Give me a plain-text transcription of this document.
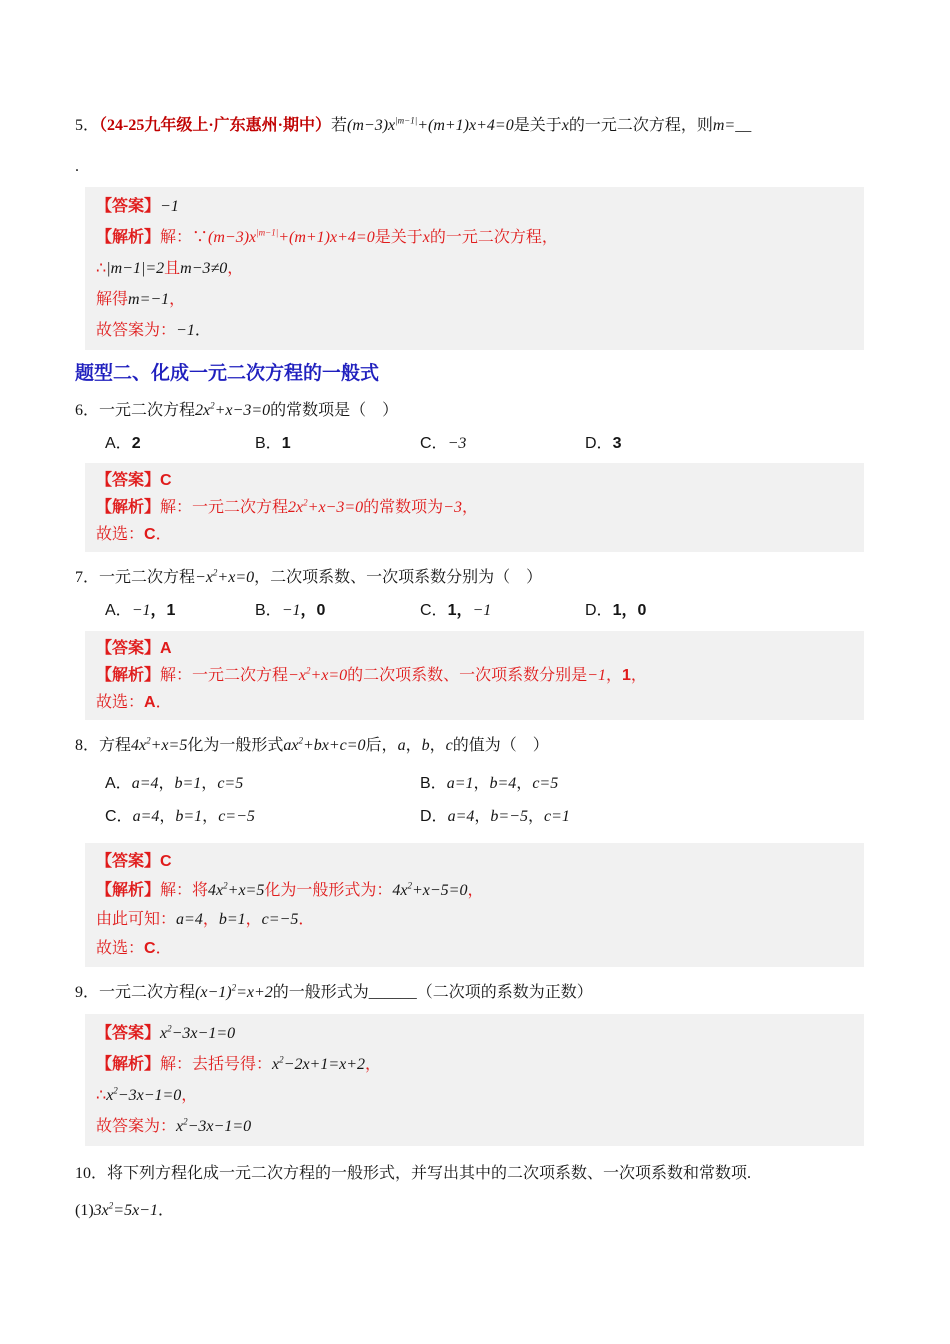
5．（24-25九年级上·广东惠州·期中）若$(m-3)x^{|m-1|}+(m+1)x+4=0$是关于x的一元二次方程，则m=__

.

【答案】−1

【解析】解：$\because(m-3)x^{|m-1|}+(m+1)x+4=0$是关于x的一元二次方程，

∴|m−1|=2且m−3≠0，

解得m=−1，

故答案为：−1．

题型二、化成一元二次方程的一般式

6．一元二次方程$2x^2+x-3=0$的常数项是（　）

A．2	B．1	C．−3	D．3

【答案】C

【解析】解：一元二次方程$2x^2+x-3=0$的常数项为−3，

故选：C．

7．一元二次方程$-x^2+x=0$，二次项系数、一次项系数分别为（　）

A．−1，1	B．−1，0	C．1，−1	D．1，0

【答案】A

【解析】解：一元二次方程$-x^2+x=0$的二次项系数、一次项系数分别是−1，1，

故选：A．

8．方程$4x^2+x=5$化为一般形式$ax^2+bx+c=0$后，a，b，c的值为（　）

A．a=4，b=1，c=5	B．a=1，b=4，c=5
C．a=4，b=1，c=−5	D．a=4，b=−5，c=1

【答案】C

【解析】解：将$4x^2+x=5$化为一般形式为：$4x^2+x-5=0$，

由此可知：a=4，b=1，c=−5．

故选：C．

9．一元二次方程$(x-1)^2=x+2$的一般形式为______（二次项的系数为正数）

【答案】$x^2-3x-1=0$

【解析】解：去括号得：$x^2-2x+1=x+2$，

$\therefore x^2-3x-1=0$，

故答案为：$x^2-3x-1=0$

10．将下列方程化成一元二次方程的一般形式，并写出其中的二次项系数、一次项系数和常数项.

$(1)3x^2=5x-1$．
